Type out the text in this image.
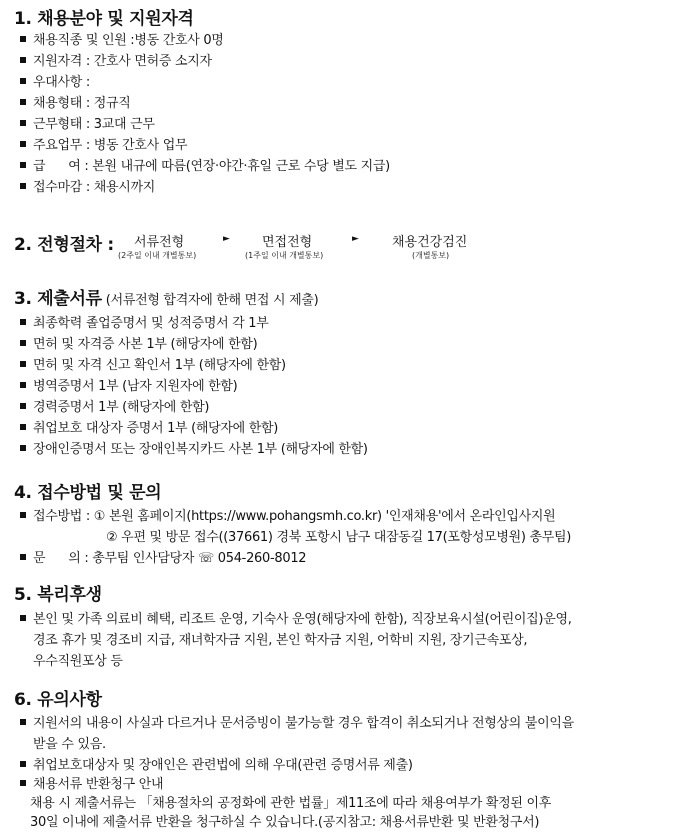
1. 채용분야 및 지원자격
채용직종 및 인원 :병동 간호사 0명
지원자격 : 간호사 면허증 소지자
우대사항 :
채용형태 : 정규직
근무형태 : 3교대 근무
주요업무 : 병동 간호사 업무
급      여 : 본원 내규에 따름(연장·야간·휴일 근로 수당 별도 지급)
접수마감 : 채용시까지
2. 전형절차 : 서류전형
(2주일 이내 개별통보)
► 면접전형
(1주일 이내 개별통보)
►	채용건강검진
(개별통보)
3. 제출서류 (서류전형 합격자에 한해 면접 시 제출)
최종학력 졸업증명서 및 성적증명서 각 1부
면허 및 자격증 사본 1부 (해당자에 한함)
면허 및 자격 신고 확인서 1부 (해당자에 한함)
병역증명서 1부 (남자 지원자에 한함)
경력증명서 1부 (해당자에 한함)
취업보호 대상자 증명서 1부 (해당자에 한함)
장애인증명서 또는 장애인복지카드 사본 1부 (해당자에 한함)
4. 접수방법 및 문의
접수방법 : ① 본원 홈페이지(https://www.pohangsmh.co.kr) '인재채용'에서 온라인입사지원
② 우편 및 방문 접수((37661) 경북 포항시 남구 대잠동길 17(포항성모병원) 총무팀)
문      의 : 총무팀 인사담당자 ☏ 054-260-8012
5. 복리후생
본인 및 가족 의료비 혜택, 리조트 운영, 기숙사 운영(해당자에 한함), 직장보육시설(어린이집)운영,
경조 휴가 및 경조비 지급, 재녀학자금 지원, 본인 학자금 지원, 어학비 지원, 장기근속포상,
우수직원포상 등
6. 유의사항
지원서의 내용이 사실과 다르거나 문서증빙이 불가능할 경우 합격이 취소되거나 전형상의 불이익을
받을 수 있음.
취업보호대상자 및 장애인은 관련법에 의해 우대(관련 증명서류 제출)
채용서류 반환청구 안내
채용 시 제출서류는 「채용절차의 공정화에 관한 법률」제11조에 따라 채용여부가 확정된 이후
30일 이내에 제출서류 반환을 청구하실 수 있습니다.(공지참고: 채용서류반환 및 반환청구서)
